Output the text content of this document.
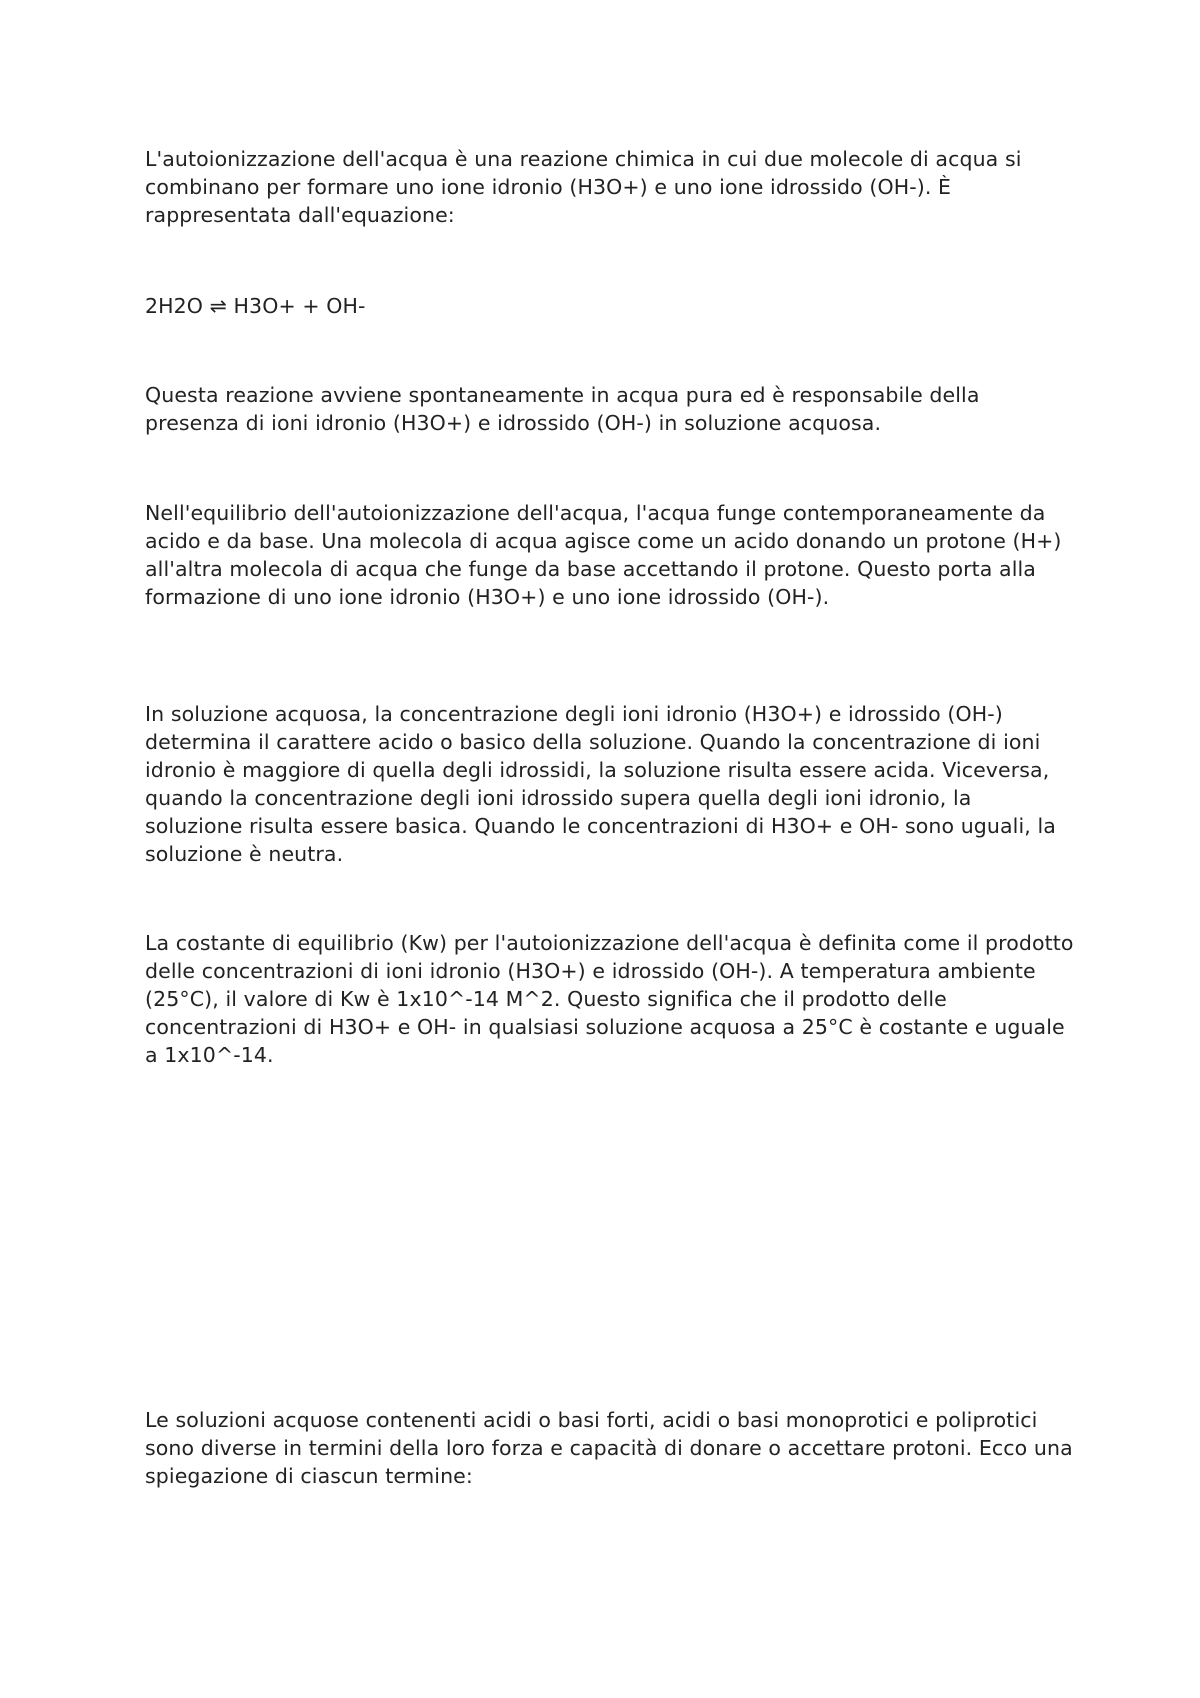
L'autoionizzazione dell'acqua è una reazione chimica in cui due molecole di acqua si combinano per formare uno ione idronio (H3O+) e uno ione idrossido (OH-). È rappresentata dall'equazione:

2H2O ⇌ H3O+ + OH-

Questa reazione avviene spontaneamente in acqua pura ed è responsabile della presenza di ioni idronio (H3O+) e idrossido (OH-) in soluzione acquosa.

Nell'equilibrio dell'autoionizzazione dell'acqua, l'acqua funge contemporaneamente da acido e da base. Una molecola di acqua agisce come un acido donando un protone (H+) all'altra molecola di acqua che funge da base accettando il protone. Questo porta alla formazione di uno ione idronio (H3O+) e uno ione idrossido (OH-).

In soluzione acquosa, la concentrazione degli ioni idronio (H3O+) e idrossido (OH-) determina il carattere acido o basico della soluzione. Quando la concentrazione di ioni idronio è maggiore di quella degli idrossidi, la soluzione risulta essere acida. Viceversa, quando la concentrazione degli ioni idrossido supera quella degli ioni idronio, la soluzione risulta essere basica. Quando le concentrazioni di H3O+ e OH- sono uguali, la soluzione è neutra.

La costante di equilibrio (Kw) per l'autoionizzazione dell'acqua è definita come il prodotto delle concentrazioni di ioni idronio (H3O+) e idrossido (OH-). A temperatura ambiente (25°C), il valore di Kw è 1x10^-14 M^2. Questo significa che il prodotto delle concentrazioni di H3O+ e OH- in qualsiasi soluzione acquosa a 25°C è costante e uguale a 1x10^-14.

Le soluzioni acquose contenenti acidi o basi forti, acidi o basi monoprotici e poliprotici sono diverse in termini della loro forza e capacità di donare o accettare protoni. Ecco una spiegazione di ciascun termine:
